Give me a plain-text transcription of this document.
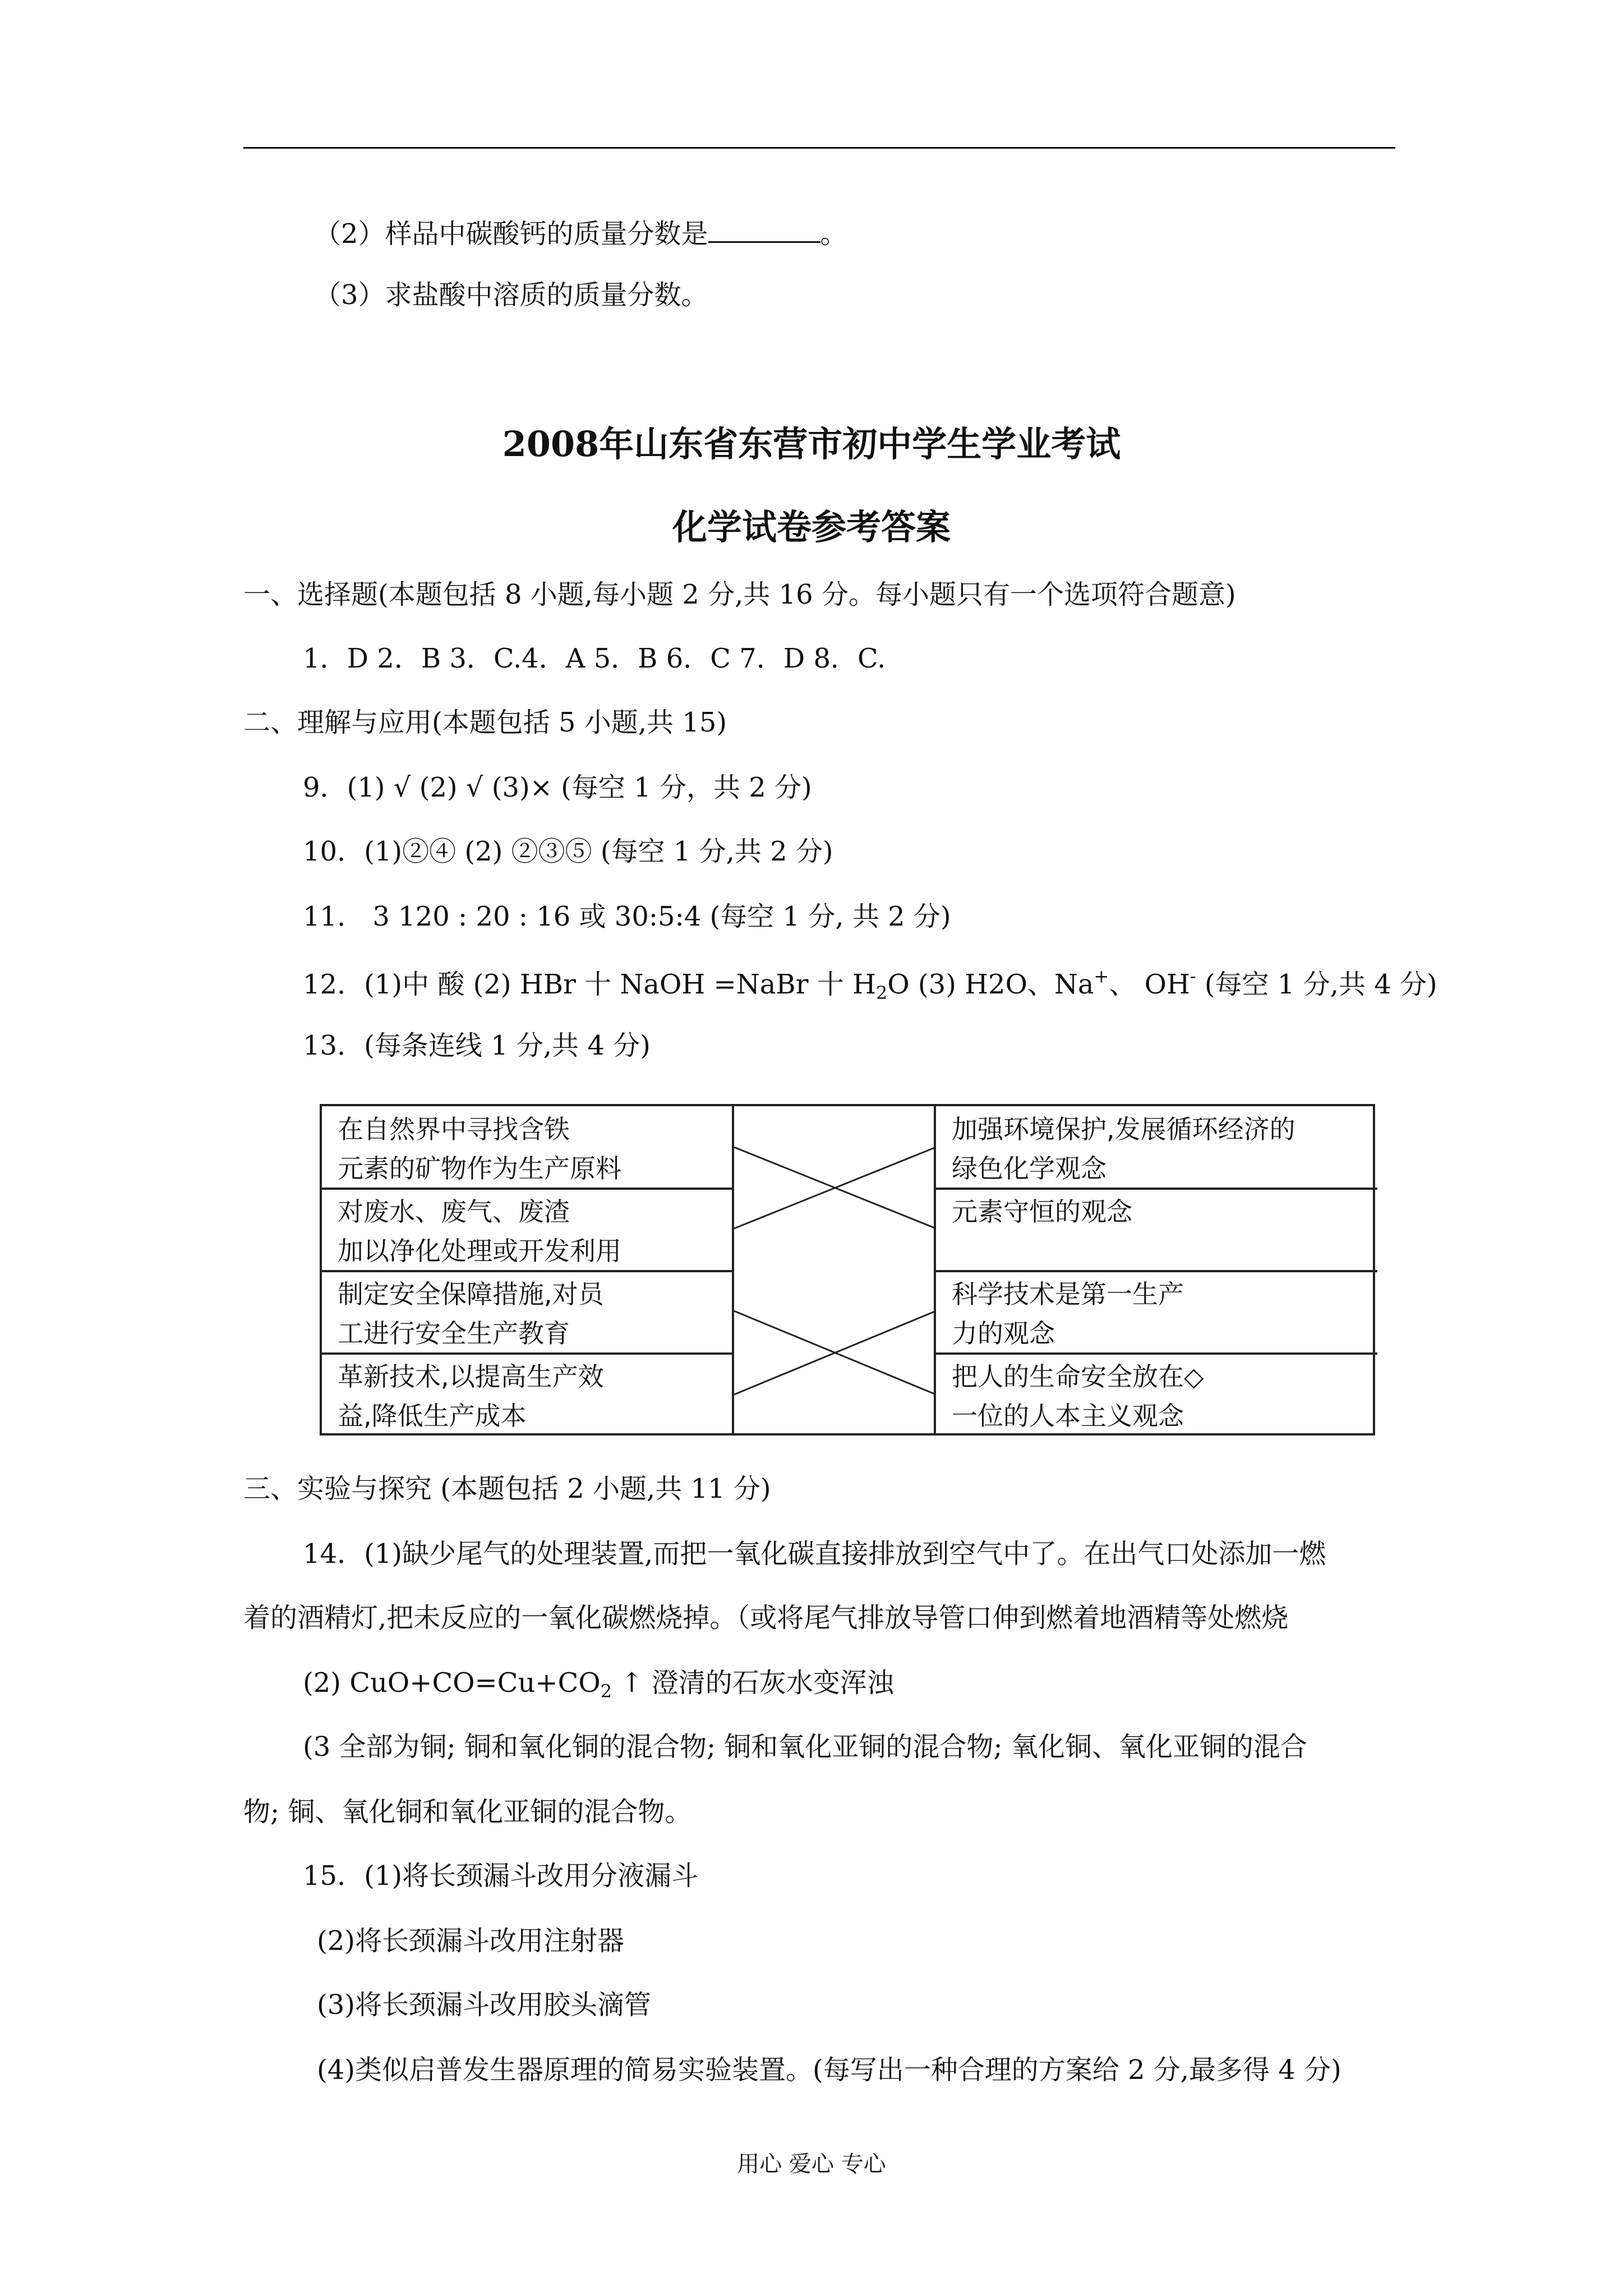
（2）样品中碳酸钙的质量分数是	。
（3）求盐酸中溶质的质量分数。
2008年山东省东营市初中学生学业考试
化学试卷参考答案
一、选择题(本题包括 8 小题,每小题 2 分,共 16 分。每小题只有一个选项符合题意)
1．D 2．B 3．C.4．A 5．B 6．C 7．D 8．C.
二、理解与应用(本题包括 5 小题,共 15)
9．(1) √ (2) √ (3)× (每空 1 分，共 2 分)
10．(1)②④ (2) ②③⑤ (每空 1 分,共 2 分)
11． 3 120 : 20 : 16 或 30:5:4 (每空 1 分, 共 2 分)
12．(1)中 酸 (2) HBr 十 NaOH =NaBr 十 $H_2O$ (3) H2O、Na+、 OH- (每空 1 分,共 4 分)
13．(每条连线 1 分,共 4 分)
在自然界中寻找含铁
元素的矿物作为生产原料
对废水、废气、废渣
加以净化处理或开发利用
制定安全保障措施,对员
工进行安全生产教育
革新技术,以提高生产效
益,降低生产成本
加强环境保护,发展循环经济的
绿色化学观念
元素守恒的观念
科学技术是第一生产
力的观念
把人的生命安全放在◇
一位的人本主义观念
三、实验与探究 (本题包括 2 小题,共 11 分)
14．(1)缺少尾气的处理装置,而把一氧化碳直接排放到空气中了。在出气口处添加一燃
着的酒精灯,把未反应的一氧化碳燃烧掉。（或将尾气排放导管口伸到燃着地酒精等处燃烧
(2) $CuO+CO=Cu+CO_2$ ↑ 澄清的石灰水变浑浊
(3 全部为铜; 铜和氧化铜的混合物; 铜和氧化亚铜的混合物; 氧化铜、氧化亚铜的混合
物; 铜、氧化铜和氧化亚铜的混合物。
15．(1)将长颈漏斗改用分液漏斗
(2)将长颈漏斗改用注射器
(3)将长颈漏斗改用胶头滴管
(4)类似启普发生器原理的简易实验装置。(每写出一种合理的方案给 2 分,最多得 4 分)
用心 爱心 专心
